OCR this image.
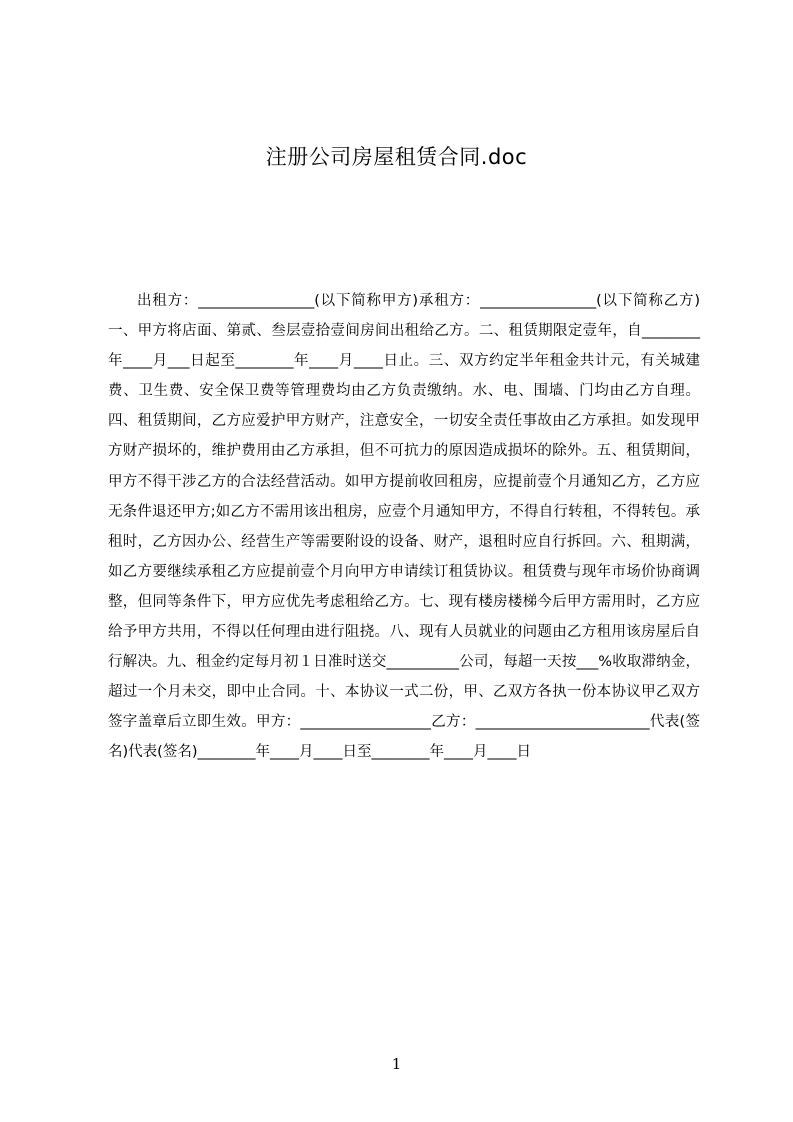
注册公司房屋租赁合同.doc
出租方：________________(以下简称甲方)承租方：________________(以下简称乙方)一、甲方将店面、第贰、叁层壹拾壹间房间出租给乙方。二、租赁期限定壹年，自________年____月___日起至________年____月____日止。三、双方约定半年租金共计元，有关城建费、卫生费、安全保卫费等管理费均由乙方负责缴纳。水、电、围墙、门均由乙方自理。四、租赁期间，乙方应爱护甲方财产，注意安全，一切安全责任事故由乙方承担。如发现甲方财产损坏的，维护费用由乙方承担，但不可抗力的原因造成损坏的除外。五、租赁期间，甲方不得干涉乙方的合法经营活动。如甲方提前收回租房，应提前壹个月通知乙方，乙方应无条件退还甲方;如乙方不需用该出租房，应壹个月通知甲方，不得自行转租，不得转包。承租时，乙方因办公、经营生产等需要附设的设备、财产，退租时应自行拆回。六、租期满，如乙方要继续承租乙方应提前壹个月向甲方申请续订租赁协议。租赁费与现年市场价协商调整，但同等条件下，甲方应优先考虑租给乙方。七、现有楼房楼梯今后甲方需用时，乙方应给予甲方共用，不得以任何理由进行阻挠。八、现有人员就业的问题由乙方租用该房屋后自行解决。九、租金约定每月初１日准时送交__________公司，每超一天按___%收取滞纳金，超过一个月未交，即中止合同。十、本协议一式二份，甲、乙双方各执一份本协议甲乙双方签字盖章后立即生效。甲方：__________________乙方：________________________代表(签名)代表(签名)________年____月____日至________年____月____日
1
